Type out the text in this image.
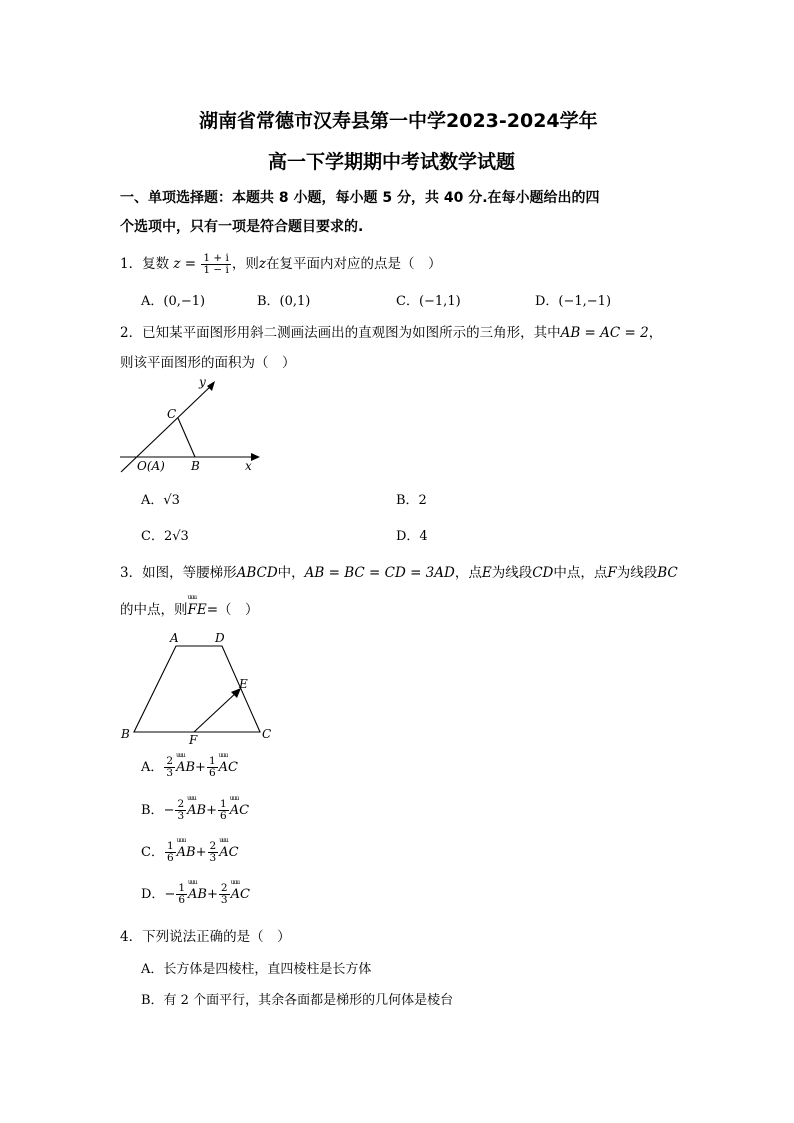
湖南省常德市汉寿县第一中学2023-2024学年
高一下学期期中考试数学试题
一、单项选择题：本题共 8 小题，每小题 5 分，共 40 分.在每小题给出的四
个选项中，只有一项是符合题目要求的.
1．复数 $z = \frac{1 + i}{1 - i}$ ，则z在复平面内对应的点是（　）
A．(0,−1)	B．(0,1)	C．(−1,1)	D．(−1,−1)
2．已知某平面图形用斜二测画法画出的直观图为如图所示的三角形，其中AB = AC = 2，
则该平面图形的面积为（　）
y
C
O(A) B	x
A．√3	B．2
C．2√3	D．4
3．如图，等腰梯形ABCD中，AB = BC = CD = 3AD，点E为线段CD中点，点F为线段BC
的中点，则uuu FE=（　）
A	D
E
B	F	C
A． $\frac{2}{3}$ uuu $AB+ \frac{1}{6}$ uuu AC
B．− $\frac{2}{3}$ uuu $AB+ \frac{1}{6}$ uuu AC
C． $\frac{1}{6}$ uuu $AB+ \frac{2}{3}$ uuu AC
D．− $\frac{1}{6}$ uuu $AB+ \frac{2}{3}$ uuu AC
4．下列说法正确的是（　）
A．长方体是四棱柱，直四棱柱是长方体
B．有 2 个面平行，其余各面都是梯形的几何体是棱台
